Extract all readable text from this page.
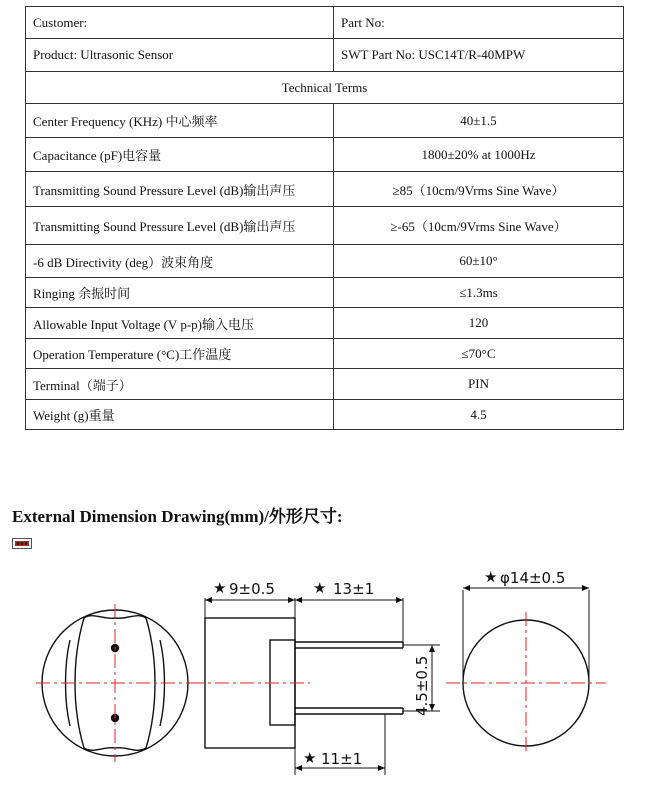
Customer:	Part No:
Product: Ultrasonic Sensor	SWT Part No: USC14T/R-40MPW
Technical Terms	
Center Frequency (KHz) 中心频率	40±1.5
Capacitance (pF)电容量	1800±20% at 1000Hz
Transmitting Sound Pressure Level (dB)输出声压	≥85（10cm/9Vrms Sine Wave）
Transmitting Sound Pressure Level (dB)输出声压	≥-65（10cm/9Vrms Sine Wave）
-6 dB Directivity (deg）波束角度	60±10°
Ringing 余振时间	≤1.3ms
Allowable Input Voltage (V p-p)输入电压	120
Operation Temperature (°C)工作温度	≤70°C
Terminal（端子）	PIN
Weight (g)重量	4.5
External Dimension Drawing(mm)/外形尺寸:
★ 9±0.5	★ 13±1
★ φ14±0.5
★ 11±1
4.5±0.5
